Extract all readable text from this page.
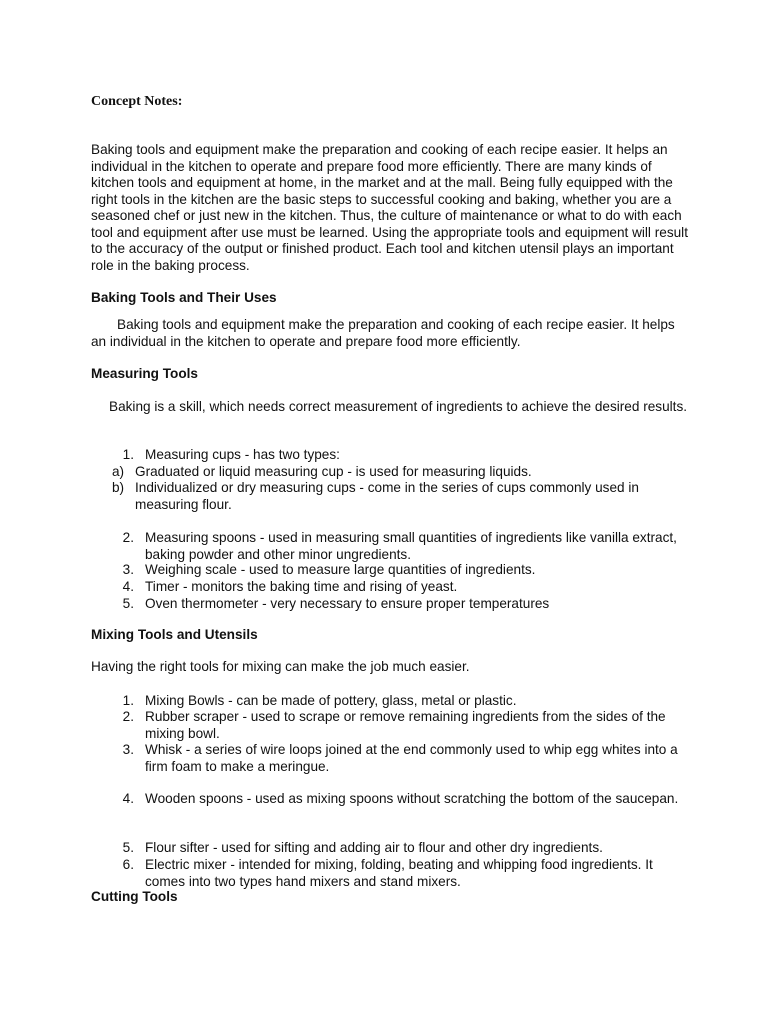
Concept Notes:

Baking tools and equipment make the preparation and cooking of each recipe easier. It helps an individual in the kitchen to operate and prepare food more efficiently. There are many kinds of kitchen tools and equipment at home, in the market and at the mall. Being fully equipped with the right tools in the kitchen are the basic steps to successful cooking and baking, whether you are a seasoned chef or just new in the kitchen. Thus, the culture of maintenance or what to do with each tool and equipment after use must be learned. Using the appropriate tools and equipment will result to the accuracy of the output or finished product. Each tool and kitchen utensil plays an important role in the baking process.

Baking Tools and Their Uses

Baking tools and equipment make the preparation and cooking of each recipe easier. It helps an individual in the kitchen to operate and prepare food more efficiently.

Measuring Tools

Baking is a skill, which needs correct measurement of ingredients to achieve the desired results.

1. Measuring cups - has two types:
a) Graduated or liquid measuring cup - is used for measuring liquids.
b) Individualized or dry measuring cups - come in the series of cups commonly used in measuring flour.
2. Measuring spoons - used in measuring small quantities of ingredients like vanilla extract, baking powder and other minor ungredients.
3. Weighing scale - used to measure large quantities of ingredients.
4. Timer - monitors the baking time and rising of yeast.
5. Oven thermometer - very necessary to ensure proper temperatures

Mixing Tools and Utensils

Having the right tools for mixing can make the job much easier.

1. Mixing Bowls - can be made of pottery, glass, metal or plastic.
2. Rubber scraper - used to scrape or remove remaining ingredients from the sides of the mixing bowl.
3. Whisk - a series of wire loops joined at the end commonly used to whip egg whites into a firm foam to make a meringue.
4. Wooden spoons - used as mixing spoons without scratching the bottom of the saucepan.
5. Flour sifter - used for sifting and adding air to flour and other dry ingredients.
6. Electric mixer - intended for mixing, folding, beating and whipping food ingredients. It comes into two types hand mixers and stand mixers.

Cutting Tools
